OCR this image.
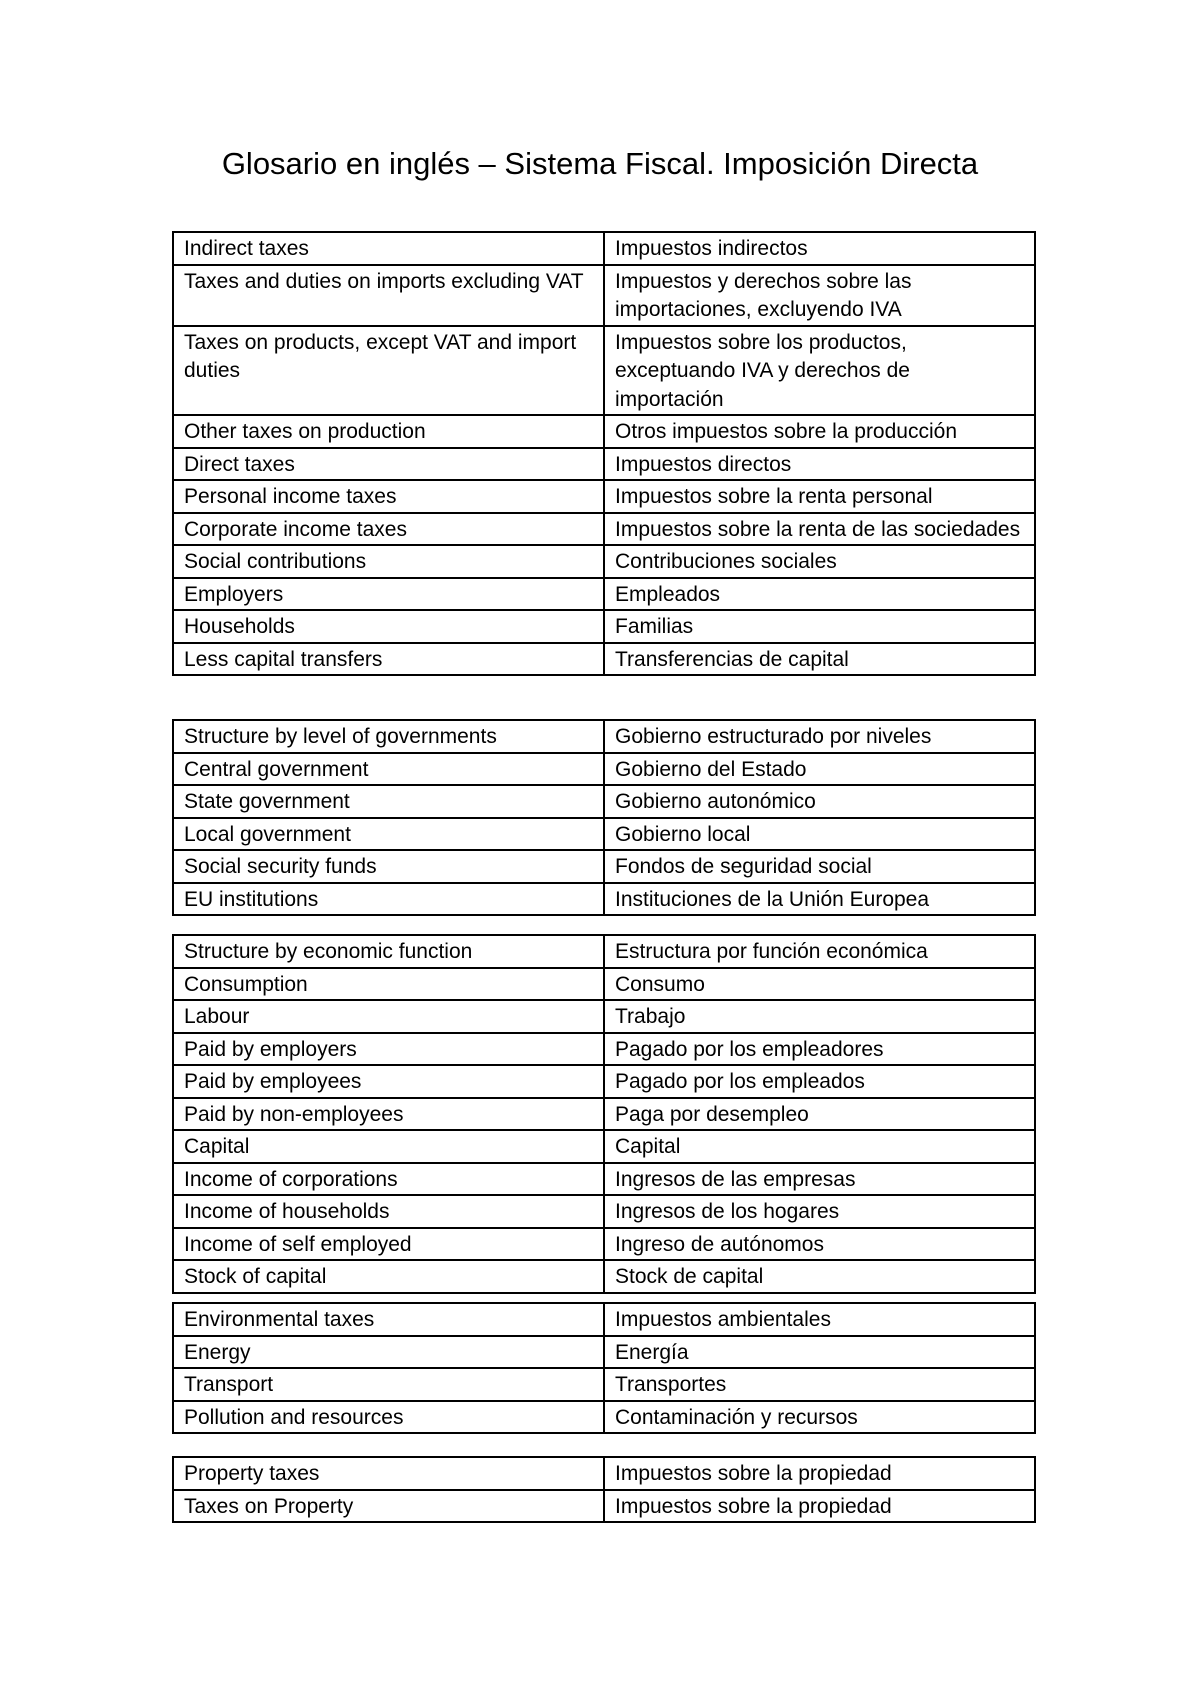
Glosario en inglés – Sistema Fiscal. Imposición Directa
Indirect taxes	Impuestos indirectos
Taxes and duties on imports excluding VAT	Impuestos y derechos sobre las importaciones, excluyendo IVA
Taxes on products, except VAT and import duties	Impuestos sobre los productos, exceptuando IVA y derechos de importación
Other taxes on production	Otros impuestos sobre la producción
Direct taxes	Impuestos directos
Personal income taxes	Impuestos sobre la renta personal
Corporate income taxes	Impuestos sobre la renta de las sociedades
Social contributions	Contribuciones sociales
Employers	Empleados
Households	Familias
Less capital transfers	Transferencias de capital
Structure by level of governments	Gobierno estructurado por niveles
Central government	Gobierno del Estado
State government	Gobierno autonómico
Local government	Gobierno local
Social security funds	Fondos de seguridad social
EU institutions	Instituciones de la Unión Europea
Structure by economic function	Estructura por función económica
Consumption	Consumo
Labour	Trabajo
Paid by employers	Pagado por los empleadores
Paid by employees	Pagado por los empleados
Paid by non-employees	Paga por desempleo
Capital	Capital
Income of corporations	Ingresos de las empresas
Income of households	Ingresos de los hogares
Income of self employed	Ingreso de autónomos
Stock of capital	Stock de capital
Environmental taxes	Impuestos ambientales
Energy	Energía
Transport	Transportes
Pollution and resources	Contaminación y recursos
Property taxes	Impuestos sobre la propiedad
Taxes on Property	Impuestos sobre la propiedad
